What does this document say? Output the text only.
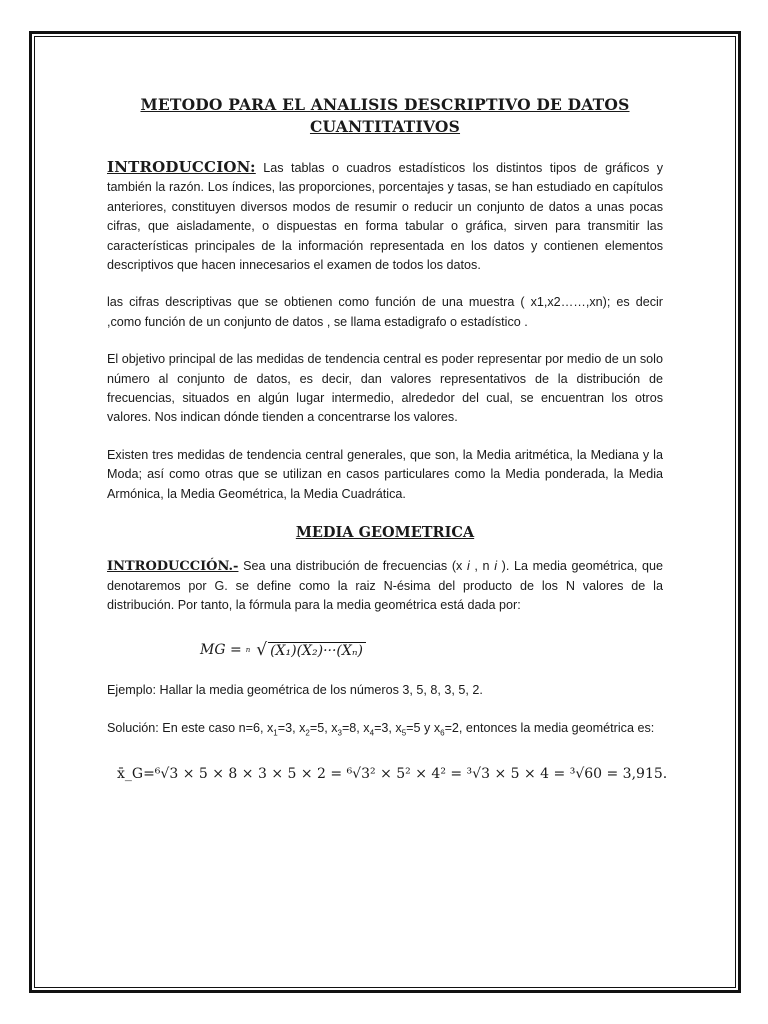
METODO PARA EL ANALISIS DESCRIPTIVO DE DATOS
CUANTITATIVOS

INTRODUCCION: Las tablas o cuadros estadísticos los distintos tipos de gráficos y también la razón. Los índices, las proporciones, porcentajes y tasas, se han estudiado en capítulos anteriores, constituyen diversos modos de resumir o reducir un conjunto de datos a unas pocas cifras, que aisladamente, o dispuestas en forma tabular o gráfica, sirven para transmitir las características principales de la información representada en los datos y contienen elementos descriptivos que hacen innecesarios el examen de todos los datos.

las cifras descriptivas que se obtienen como función de una muestra ( x1,x2……,xn); es decir ,como función de un conjunto de datos , se llama estadigrafo o estadístico .

El objetivo principal de las medidas de tendencia central es poder representar por medio de un solo número al conjunto de datos, es decir, dan valores representativos de la distribución de frecuencias, situados en algún lugar intermedio, alrededor del cual, se encuentran los otros valores. Nos indican dónde tienden a concentrarse los valores.

Existen tres medidas de tendencia central generales, que son, la Media aritmética, la Mediana y la Moda; así como otras que se utilizan en casos particulares como la Media ponderada, la Media Armónica, la Media Geométrica, la Media Cuadrática.

MEDIA GEOMETRICA

INTRODUCCIÓN.- Sea una distribución de frecuencias (x i , n i ). La media geométrica, que denotaremos por G. se define como la raiz N-ésima del producto de los N valores de la distribución. Por tanto, la fórmula para la media geométrica está dada por:

MG = n √ (X₁)(X₂)···(Xₙ)

Ejemplo: Hallar la media geométrica de los números 3, 5, 8, 3, 5, 2.

Solución: En este caso n=6, $x_1=3$, $x_2=5$, $x_3=8$, $x_4=3$, $x_5=5$ y $x_6=2$, entonces la media geométrica es:

x̄_G=⁶√3 × 5 × 8 × 3 × 5 × 2 = ⁶√3² × 5² × 4² = ³√3 × 5 × 4 = ³√60 = 3,915.
